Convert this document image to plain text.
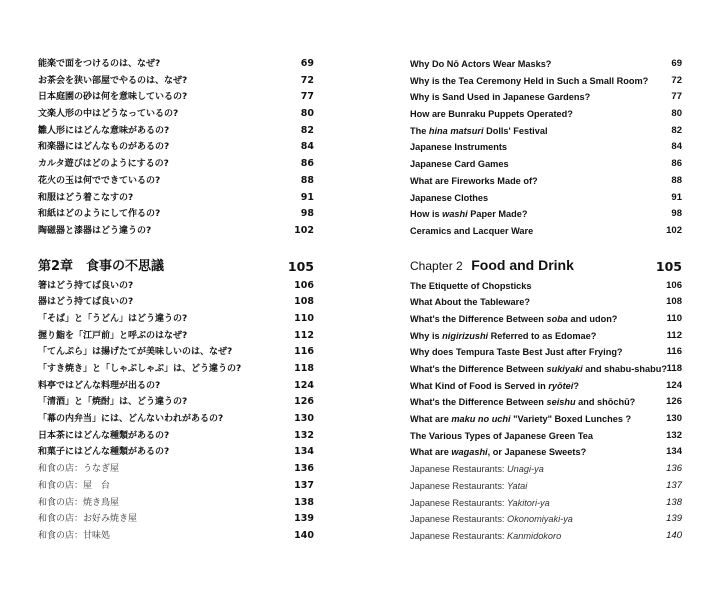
能楽で面をつけるのは、なぜ?	69
お茶会を狭い部屋でやるのは、なぜ?	72
日本庭園の砂は何を意味しているの?	77
文楽人形の中はどうなっているの?	80
雛人形にはどんな意味があるの?	82
和楽器にはどんなものがあるの?	84
カルタ遊びはどのようにするの?	86
花火の玉は何でできているの?	88
和服はどう着こなすの?	91
和紙はどのようにして作るの?	98
陶磁器と漆器はどう違うの?	102
第2章　食事の不思議	105
箸はどう持てば良いの?	106
器はどう持てば良いの?	108
「そば」と「うどん」はどう違うの?	110
握り鮨を「江戸前」と呼ぶのはなぜ?	112
「てんぷら」は揚げたてが美味しいのは、なぜ?	116
「すき焼き」と「しゃぶしゃぶ」は、どう違うの?	118
料亭ではどんな料理が出るの?	124
「清酒」と「焼酎」は、どう違うの?	126
「幕の内弁当」には、どんないわれがあるの?	130
日本茶にはどんな種類があるの?	132
和菓子にはどんな種類があるの?	134
和食の店：うなぎ屋	136
和食の店：屋　台	137
和食の店：焼き鳥屋	138
和食の店：お好み焼き屋	139
和食の店：甘味処	140
Why Do Nō Actors Wear Masks?	69
Why is the Tea Ceremony Held in Such a Small Room? 72
Why is Sand Used in Japanese Gardens?	77
How are Bunraku Puppets Operated?	80
The hina matsuri Dolls' Festival	82
Japanese Instruments	84
Japanese Card Games	86
What are Fireworks Made of?	88
Japanese Clothes	91
How is washi Paper Made?	98
Ceramics and Lacquer Ware	102
Chapter 2 Food and Drink	105
The Etiquette of Chopsticks	106
What About the Tableware?	108
What's the Difference Between soba and udon?	110
Why is nigirizushi Referred to as Edomae?	112
Why does Tempura Taste Best Just after Frying?	116
What's the Difference Between sukiyaki and shabu-shabu? 118
What Kind of Food is Served in ryōtei?	124
What's the Difference Between seishu and shōchū?	126
What are maku no uchi "Variety" Boxed Lunches ?	130
The Various Types of Japanese Green Tea	132
What are wagashi, or Japanese Sweets?	134
Japanese Restaurants: Unagi-ya	136
Japanese Restaurants: Yatai	137
Japanese Restaurants: Yakitori-ya	138
Japanese Restaurants: Okonomiyaki-ya	139
Japanese Restaurants: Kanmidokoro	140
